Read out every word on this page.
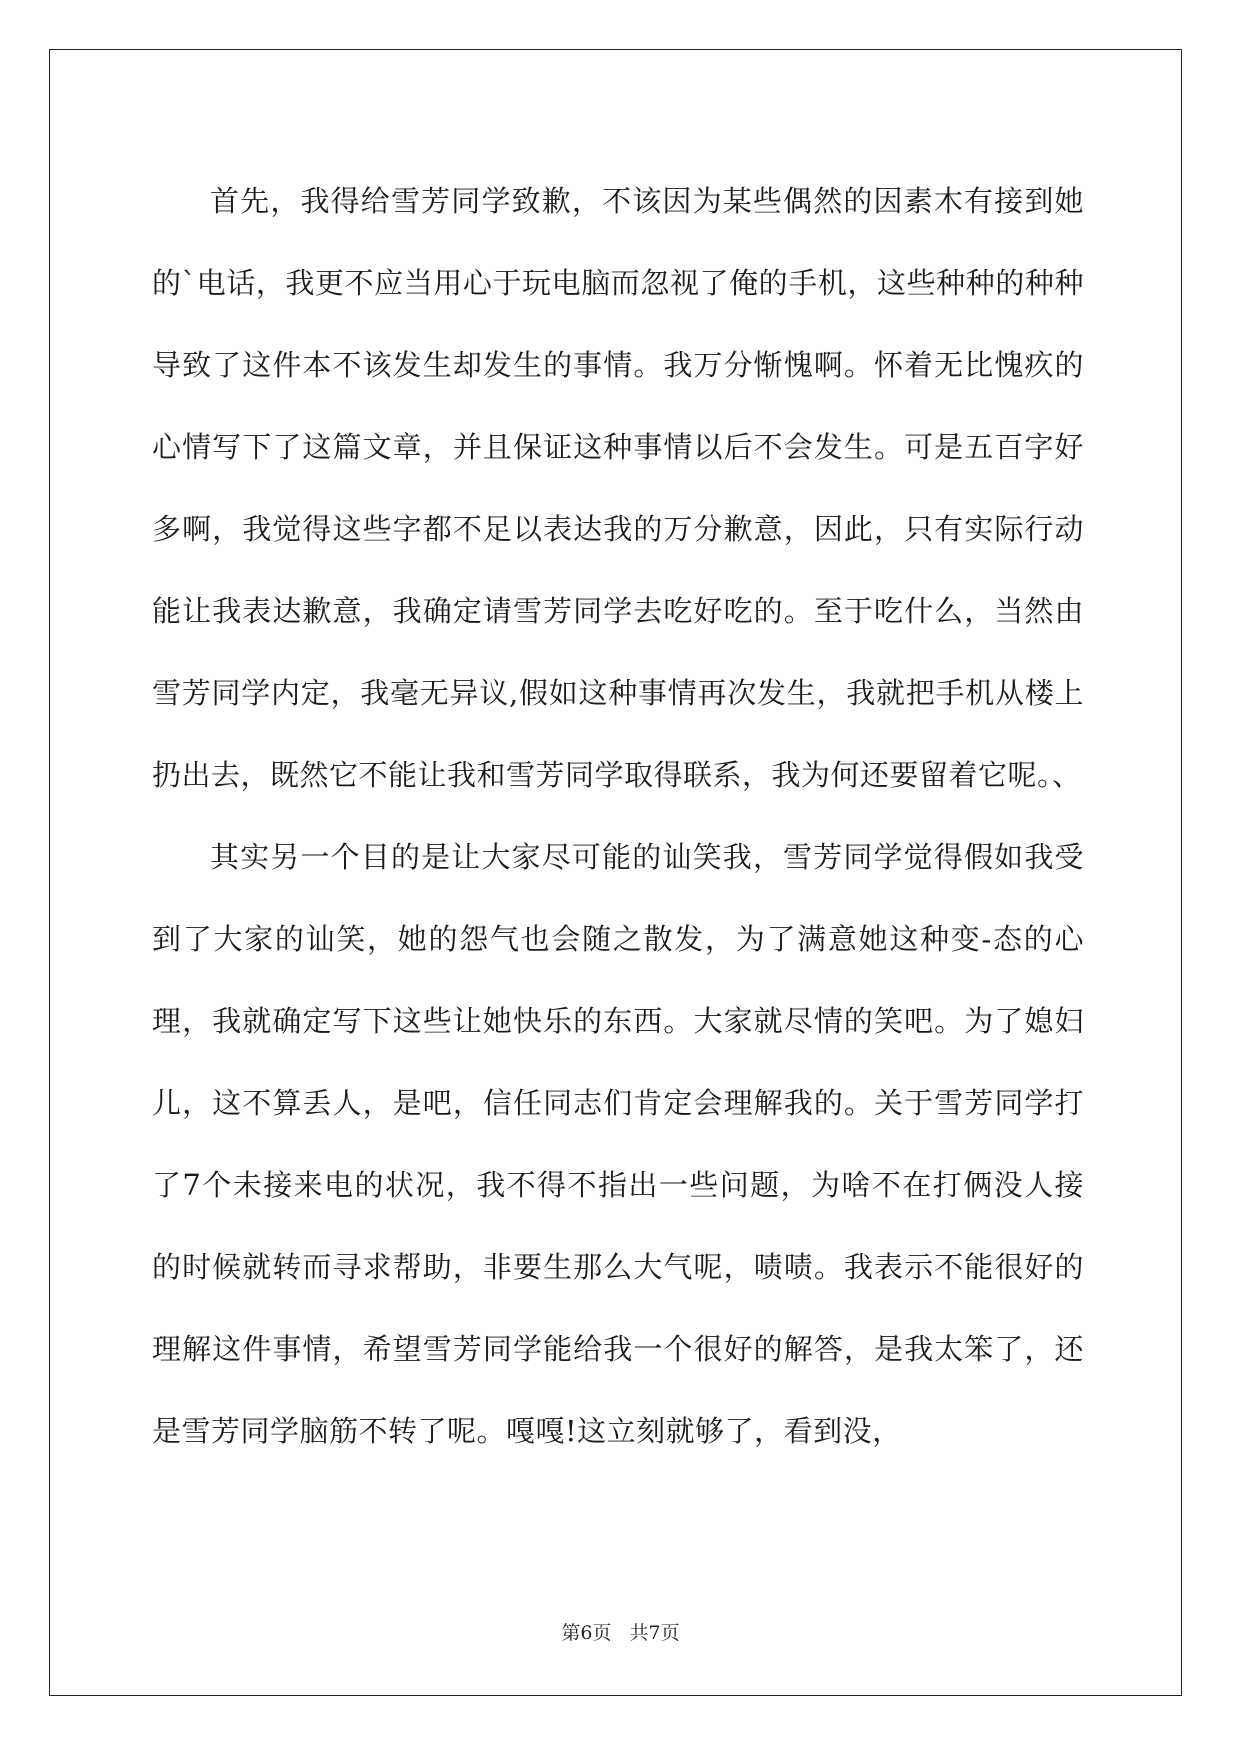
首先，我得给雪芳同学致歉，不该因为某些偶然的因素木有接到她的`电话，我更不应当用心于玩电脑而忽视了俺的手机，这些种种的种种导致了这件本不该发生却发生的事情。我万分惭愧啊。怀着无比愧疚的心情写下了这篇文章，并且保证这种事情以后不会发生。可是五百字好多啊，我觉得这些字都不足以表达我的万分歉意，因此，只有实际行动能让我表达歉意，我确定请雪芳同学去吃好吃的。至于吃什么，当然由雪芳同学内定，我毫无异议,假如这种事情再次发生，我就把手机从楼上扔出去，既然它不能让我和雪芳同学取得联系，我为何还要留着它呢。、

其实另一个目的是让大家尽可能的讪笑我，雪芳同学觉得假如我受到了大家的讪笑，她的怨气也会随之散发，为了满意她这种变-态的心理，我就确定写下这些让她快乐的东西。大家就尽情的笑吧。为了媳妇儿，这不算丢人，是吧，信任同志们肯定会理解我的。关于雪芳同学打了7个未接来电的状况，我不得不指出一些问题，为啥不在打俩没人接的时候就转而寻求帮助，非要生那么大气呢，啧啧。我表示不能很好的理解这件事情，希望雪芳同学能给我一个很好的解答，是我太笨了，还是雪芳同学脑筋不转了呢。嘎嘎!这立刻就够了，看到没，

第6页 共7页
